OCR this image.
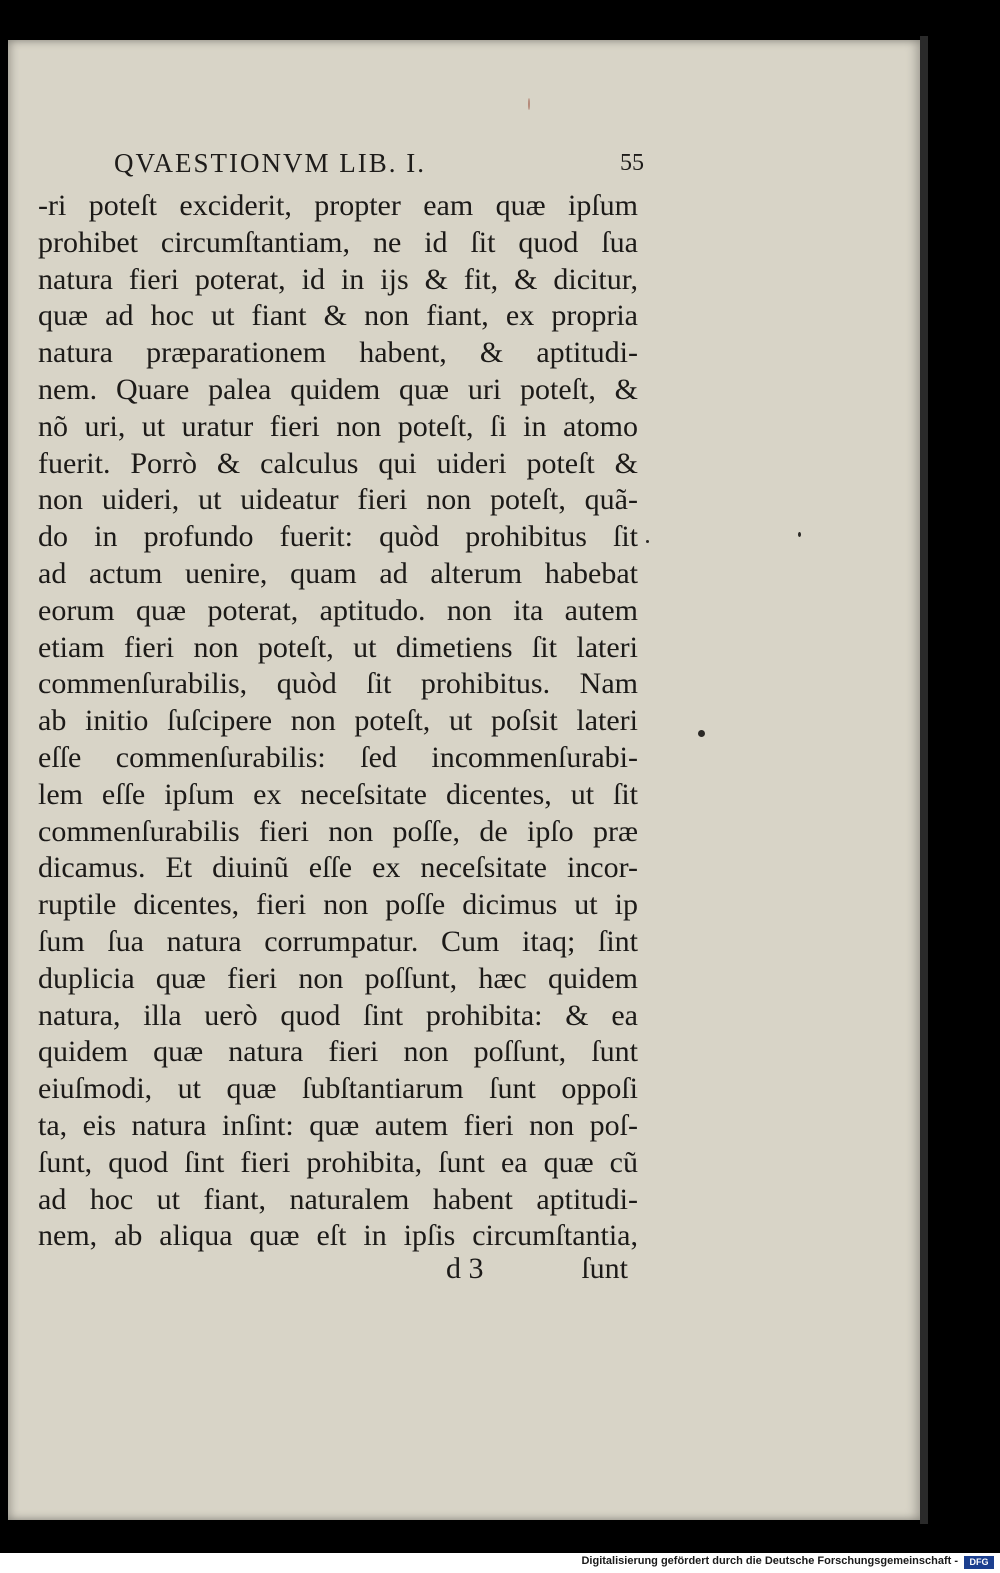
QVAESTIONVM LIB. I.	55
-ri poteſt exciderit, propter eam quæ ipſum
prohibet circumſtantiam, ne id ſit quod ſua
natura fieri poterat, id in ijs & fit, & dicitur,
quæ ad hoc ut fiant & non fiant, ex propria
natura præparationem habent, & aptitudi-
nem. Quare palea quidem quæ uri poteſt, &
nõ uri, ut uratur fieri non poteſt, ſi in atomo
fuerit. Porrò & calculus qui uideri poteſt &
non uideri, ut uideatur fieri non poteſt, quã-
do in profundo fuerit: quòd prohibitus ſit
ad actum uenire, quam ad alterum habebat
eorum quæ poterat, aptitudo. non ita autem
etiam fieri non poteſt, ut dimetiens ſit lateri
commenſurabilis, quòd ſit prohibitus. Nam
ab initio ſuſcipere non poteſt, ut poſsit lateri
eſſe commenſurabilis: ſed incommenſurabi-
lem eſſe ipſum ex neceſsitate dicentes, ut ſit
commenſurabilis fieri non poſſe, de ipſo præ
dicamus. Et diuinũ eſſe ex neceſsitate incor-
ruptile dicentes, fieri non poſſe dicimus ut ip
ſum ſua natura corrumpatur. Cum itaq; ſint
duplicia quæ fieri non poſſunt, hæc quidem
natura, illa uerò quod ſint prohibita: & ea
quidem quæ natura fieri non poſſunt, ſunt
eiuſmodi, ut quæ ſubſtantiarum ſunt oppoſi
ta, eis natura inſint: quæ autem fieri non poſ-
ſunt, quod ſint fieri prohibita, ſunt ea quæ cũ
ad hoc ut fiant, naturalem habent aptitudi-
nem, ab aliqua quæ eſt in ipſis circumſtantia,
d 3	ſunt
Digitalisierung gefördert durch die Deutsche Forschungsgemeinschaft -	DFG
